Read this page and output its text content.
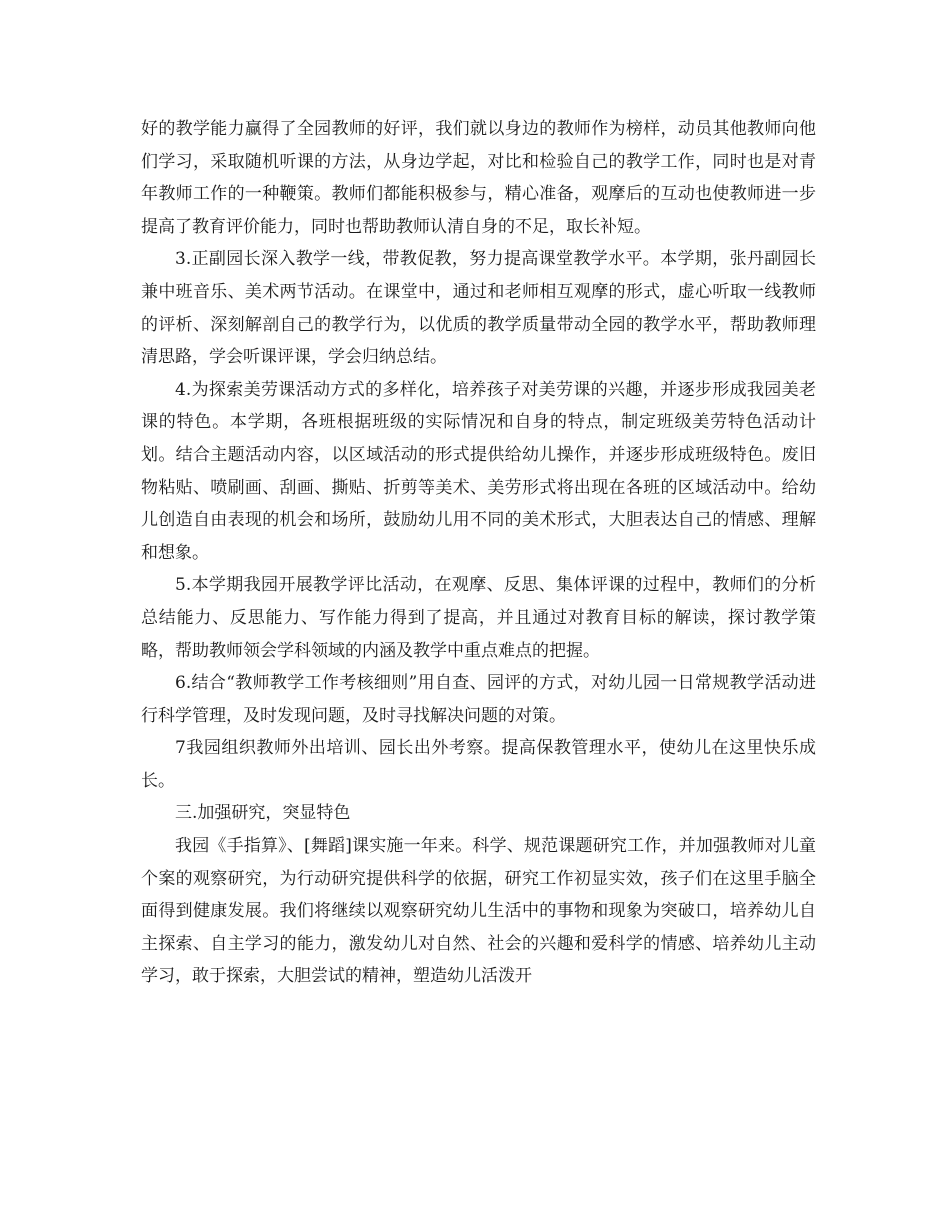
好的教学能力赢得了全园教师的好评，我们就以身边的教师作为榜样，动员其他教师向他们学习，采取随机听课的方法，从身边学起，对比和检验自己的教学工作，同时也是对青年教师工作的一种鞭策。教师们都能积极参与，精心准备，观摩后的互动也使教师进一步提高了教育评价能力，同时也帮助教师认清自身的不足，取长补短。

3.正副园长深入教学一线，带教促教，努力提高课堂教学水平。本学期，张丹副园长兼中班音乐、美术两节活动。在课堂中，通过和老师相互观摩的形式，虚心听取一线教师的评析、深刻解剖自己的教学行为，以优质的教学质量带动全园的教学水平，帮助教师理清思路，学会听课评课，学会归纳总结。

4.为探索美劳课活动方式的多样化，培养孩子对美劳课的兴趣，并逐步形成我园美老课的特色。本学期，各班根据班级的实际情况和自身的特点，制定班级美劳特色活动计划。结合主题活动内容，以区域活动的形式提供给幼儿操作，并逐步形成班级特色。废旧物粘贴、喷刷画、刮画、撕贴、折剪等美术、美劳形式将出现在各班的区域活动中。给幼儿创造自由表现的机会和场所，鼓励幼儿用不同的美术形式，大胆表达自己的情感、理解和想象。

5.本学期我园开展教学评比活动，在观摩、反思、集体评课的过程中，教师们的分析总结能力、反思能力、写作能力得到了提高，并且通过对教育目标的解读，探讨教学策略，帮助教师领会学科领域的内涵及教学中重点难点的把握。

6.结合“教师教学工作考核细则”用自查、园评的方式，对幼儿园一日常规教学活动进行科学管理，及时发现问题，及时寻找解决问题的对策。

7我园组织教师外出培训、园长出外考察。提高保教管理水平，使幼儿在这里快乐成长。

三.加强研究，突显特色

我园《手指算》、[舞蹈]课实施一年来。科学、规范课题研究工作，并加强教师对儿童个案的观察研究，为行动研究提供科学的依据，研究工作初显实效，孩子们在这里手脑全面得到健康发展。我们将继续以观察研究幼儿生活中的事物和现象为突破口，培养幼儿自主探索、自主学习的能力，激发幼儿对自然、社会的兴趣和爱科学的情感、培养幼儿主动学习，敢于探索，大胆尝试的精神，塑造幼儿活泼开
